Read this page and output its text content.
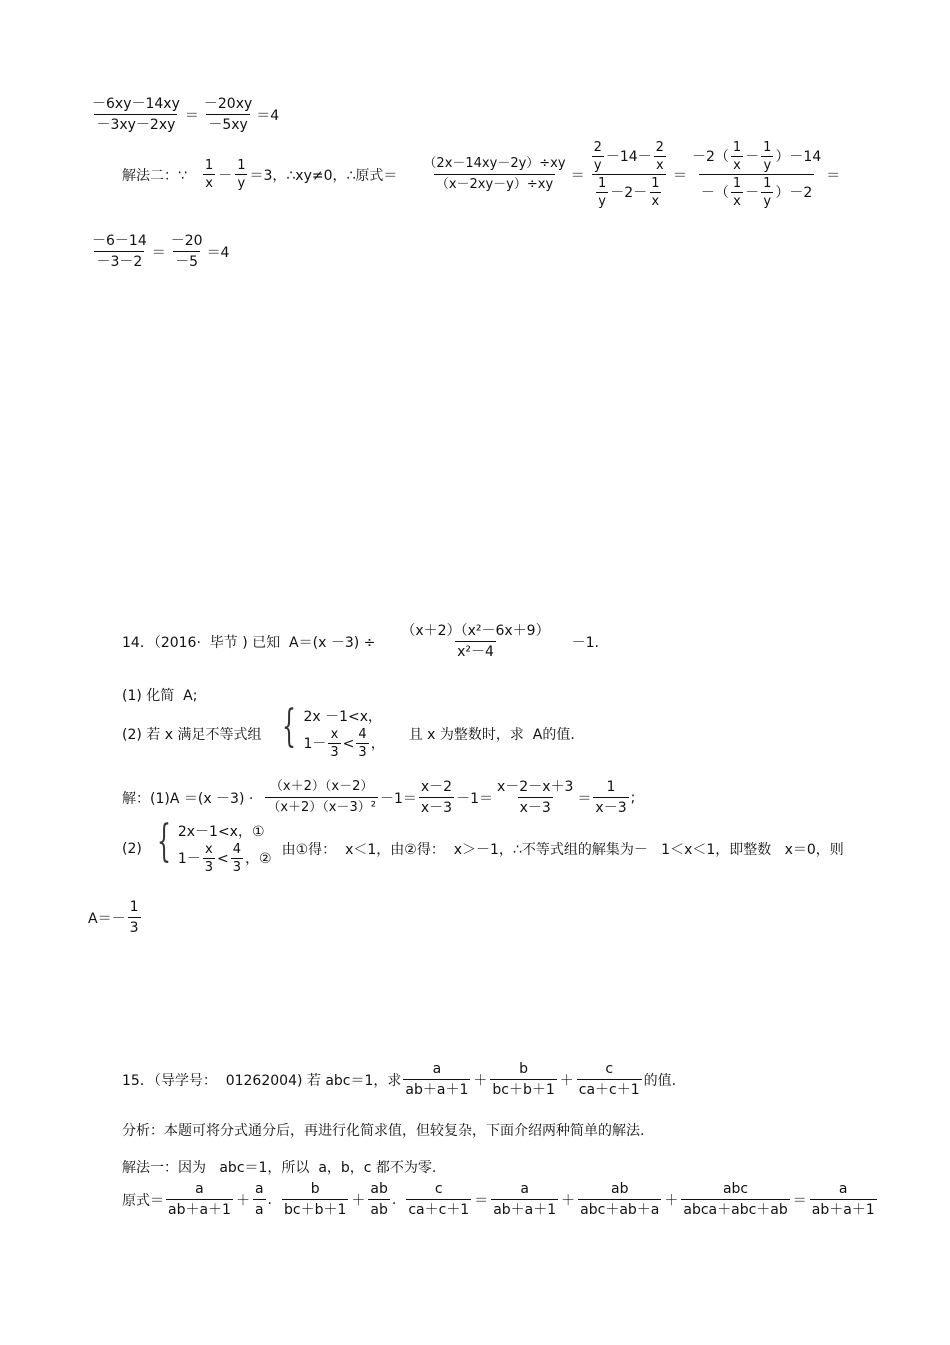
$\frac{-6xy-14xy}{-3xy-2xy} = \frac{-20xy}{-5xy} =4$
解法二：∵ $\frac{1}{x} - \frac{1}{y} =3$，∴xy≠0，∴原式＝ $\frac{(2x-14xy-2y)\div xy}{(x-2xy-y)\div xy} = \frac{\frac{2}{y} -14- \frac{2}{x}}{\frac{1}{y} -2- \frac{1}{x}} = \frac{-2( \frac{1}{x} - \frac{1}{y} )-14}{-( \frac{1}{x} - \frac{1}{y} )-2}$ ＝
$\frac{-6-14}{-3-2} = \frac{-20}{-5} =4$
14．（2016·  毕节 ) 已知  $A=(x -3) \div \frac{\text{（x＋2）（x²－6x＋9）}}{\text{x²－4}} -1$.
(1) 化简  A;
(2) 若 x 满足不等式组 { 2x －1<x，
$1- \frac{x}{3} < \frac{4}{3}$ ，
且 x 为整数时，求  A的值.
解：$(1)A =(x -3) \cdot \frac{(x+2)(x-2)}{\text{（x＋2）（x－3）²}} -1= \frac{x-2}{x-3} -1= \frac{x-2-x+3}{x-3} = \frac{1}{x-3}$ ;
(2) { 2x－1<x，①
$1- \frac{x}{3} < \frac{4}{3}$ ，②
由①得：  x＜1，由②得：  x＞－1，∴不等式组的解集为－   1＜x＜1，即整数   x＝0，则
$A=- \frac{1}{3}$
15．（导学号：  01262004) 若 abc＝1，求 $\frac{a}{ab+a+1} + \frac{b}{bc+b+1} + \frac{c}{ca+c+1}$ 的值.
分析：本题可将分式通分后，再进行化简求值，但较复杂，下面介绍两种简单的解法.
解法一：因为   abc＝1，所以  a，b，c 都不为零.
原式＝ $\frac{a}{ab+a+1} + \frac{a}{a}$ . $\frac{b}{bc+b+1} + \frac{ab}{ab}$ . $\frac{c}{ca+c+1} = \frac{a}{ab+a+1} + \frac{ab}{\text{abc＋ab＋a}} + \frac{\text{abc}}{\text{abca＋abc＋ab}} = \frac{a}{ab+a+1}$
